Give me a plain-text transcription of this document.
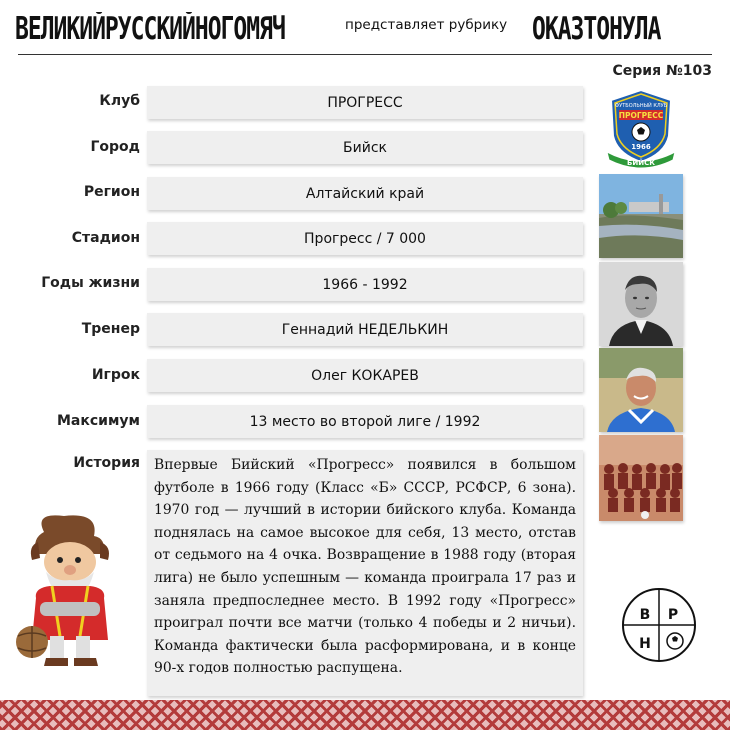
ВЕЛИКИЙРУССКИЙНОГОМЯЧ	представляет рубрику ОКАЗТОНУЛА
Серия №103
Клуб	ПРОГРЕСС
Город	Бийск
Регион	Алтайский край
Стадион	Прогресс / 7 000
Годы жизни	1966 - 1992
Тренер	Геннадий НЕДЕЛЬКИН
Игрок	Олег КОКАРЕВ
Максимум	13 место во второй лиге / 1992
История	Впервые Бийский «Прогресс» появился в большом футболе в 1966 году (Класс «Б» СССР, РСФСР, 6 зона). 1970 год — лучший в истории бийского клуба. Команда поднялась на самое высокое для себя, 13 место, отстав от седьмого на 4 очка. Возвращение в 1988 году (вторая лига) не было успешным — команда проиграла 17 раз и заняла предпоследнее место. В 1992 году «Прогресс» проиграл почти все матчи (только 4 победы и 2 ничьи). Команда фактически была расформирована, и в конце 90-х годов полностью распущена.
ФУТБОЛЬНЫЙ КЛУБ
ПРОГРЕСС
1966
БИЙСК
В Р
Н
